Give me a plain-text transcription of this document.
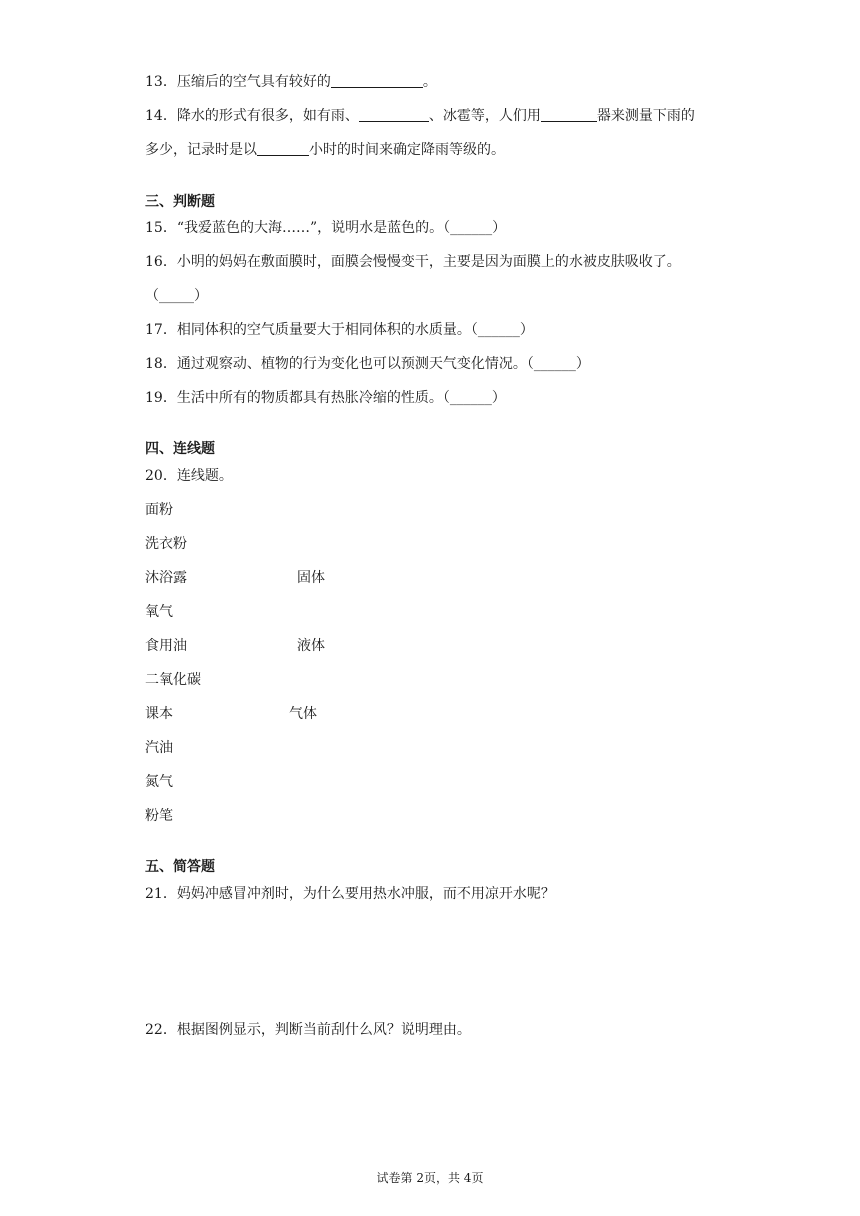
13．压缩后的空气具有较好的	。
14．降水的形式有很多，如有雨、	、冰雹等，人们用	器来测量下雨的
多少，记录时是以	小时的时间来确定降雨等级的。
三、判断题
15．“我爱蓝色的大海……”，说明水是蓝色的。（______）
16．小明的妈妈在敷面膜时，面膜会慢慢变干，主要是因为面膜上的水被皮肤吸收了。
（_____）
17．相同体积的空气质量要大于相同体积的水质量。（______）
18．通过观察动、植物的行为变化也可以预测天气变化情况。（______）
19．生活中所有的物质都具有热胀冷缩的性质。（______）
四、连线题
20．连线题。
面粉
洗衣粉
沐浴露
氧气
食用油
二氧化碳
课本
汽油
氮气
粉笔
固体
液体
气体
五、简答题
21．妈妈冲感冒冲剂时，为什么要用热水冲服，而不用凉开水呢？
22．根据图例显示，判断当前刮什么风？说明理由。
试卷第 2页，共 4页
